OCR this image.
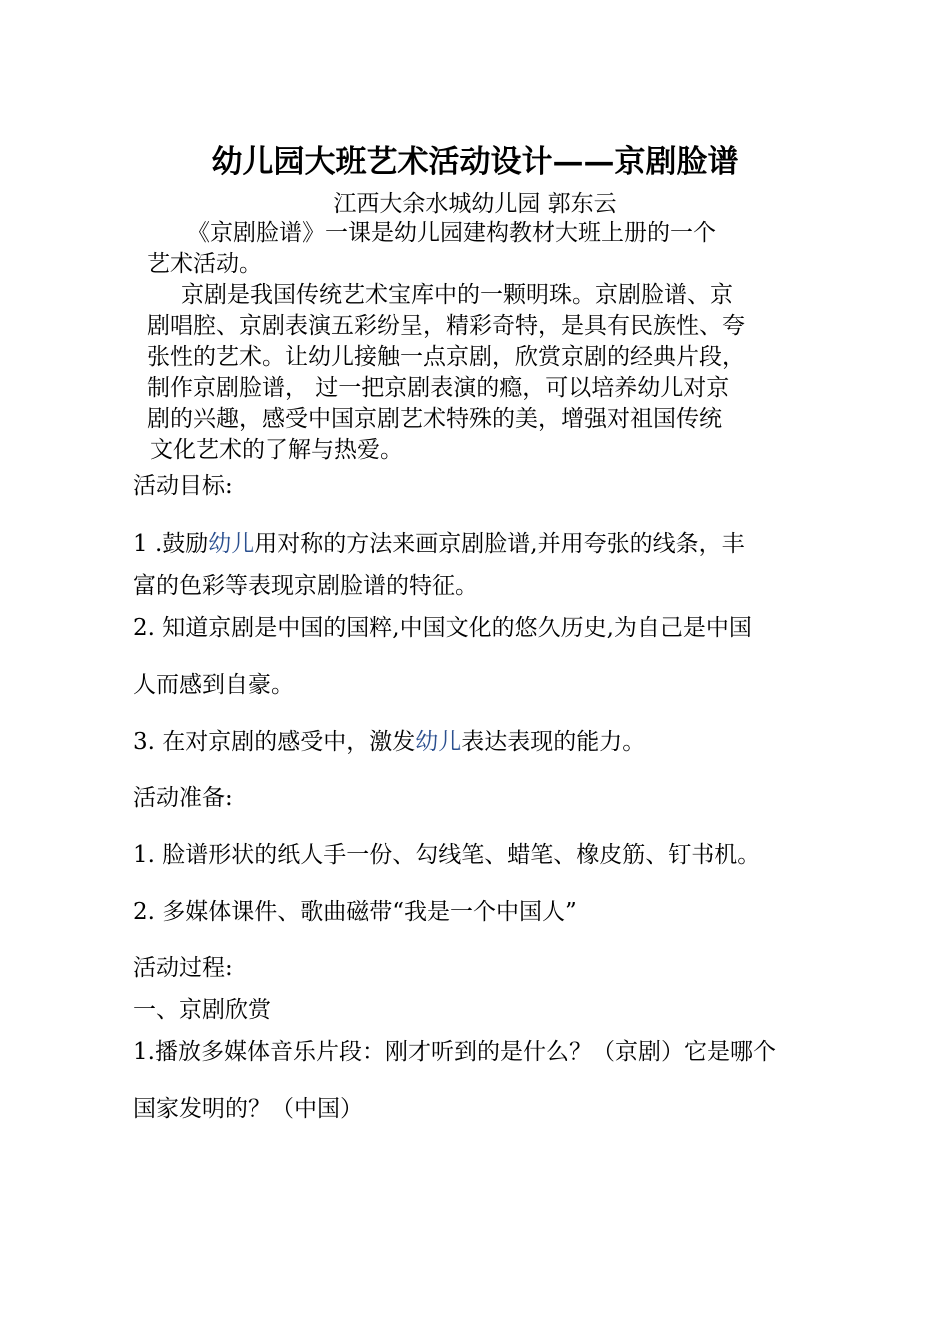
幼儿园大班艺术活动设计——京剧脸谱
江西大余水城幼儿园 郭东云
《京剧脸谱》一课是幼儿园建构教材大班上册的一个
艺术活动。
京剧是我国传统艺术宝库中的一颗明珠。京剧脸谱、京
剧唱腔、京剧表演五彩纷呈，精彩奇特，是具有民族性、夸
张性的艺术。让幼儿接触一点京剧，欣赏京剧的经典片段，
制作京剧脸谱， 过一把京剧表演的瘾，可以培养幼儿对京
剧的兴趣，感受中国京剧艺术特殊的美，增强对祖国传统
文化艺术的了解与热爱。
活动目标:
1 .鼓励幼儿用对称的方法来画京剧脸谱,并用夸张的线条，丰
富的色彩等表现京剧脸谱的特征。
2. 知道京剧是中国的国粹,中国文化的悠久历史,为自己是中国
人而感到自豪。
3. 在对京剧的感受中，激发幼儿表达表现的能力。
活动准备:
1. 脸谱形状的纸人手一份、勾线笔、蜡笔、橡皮筋、钉书机。
2. 多媒体课件、歌曲磁带“我是一个中国人”
活动过程:
一、京剧欣赏
1.播放多媒体音乐片段：刚才听到的是什么？（京剧）它是哪个
国家发明的？（中国）
